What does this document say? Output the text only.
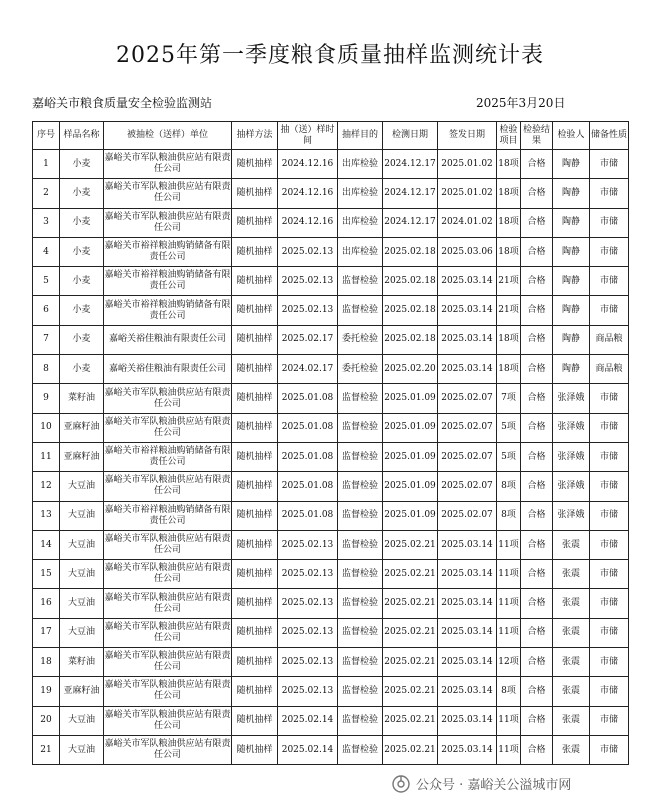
2025年第一季度粮食质量抽样监测统计表
嘉峪关市粮食质量安全检验监测站	2025年3月20日
序号	样品名称	被抽检（送样）单位	抽样方法	抽（送）样时间	抽样目的	检测日期	签发日期	检验项目	检验结果	检验人	储备性质
1	小麦	嘉峪关市军队粮油供应站有限责任公司	随机抽样	2024.12.16	出库检验	2024.12.17	2025.01.02	18项	合格	陶静	市储
2	小麦	嘉峪关市军队粮油供应站有限责任公司	随机抽样	2024.12.16	出库检验	2024.12.17	2025.01.02	18项	合格	陶静	市储
3	小麦	嘉峪关市军队粮油供应站有限责任公司	随机抽样	2024.12.16	出库检验	2024.12.17	2024.01.02	18项	合格	陶静	市储
4	小麦	嘉峪关市裕祥粮油购销储备有限责任公司	随机抽样	2025.02.13	出库检验	2025.02.18	2025.03.06	18项	合格	陶静	市储
5	小麦	嘉峪关市裕祥粮油购销储备有限责任公司	随机抽样	2025.02.13	监督检验	2025.02.18	2025.03.14	21项	合格	陶静	市储
6	小麦	嘉峪关市裕祥粮油购销储备有限责任公司	随机抽样	2025.02.13	监督检验	2025.02.18	2025.03.14	21项	合格	陶静	市储
7	小麦	嘉峪关裕佳粮油有限责任公司	随机抽样	2025.02.17	委托检验	2025.02.18	2025.03.14	18项	合格	陶静	商品粮
8	小麦	嘉峪关裕佳粮油有限责任公司	随机抽样	2024.02.17	委托检验	2025.02.20	2025.03.14	18项	合格	陶静	商品粮
9	菜籽油	嘉峪关市军队粮油供应站有限责任公司	随机抽样	2025.01.08	监督检验	2025.01.09	2025.02.07	7项	合格	张泽娥	市储
10	亚麻籽油	嘉峪关市军队粮油供应站有限责任公司	随机抽样	2025.01.08	监督检验	2025.01.09	2025.02.07	5项	合格	张泽娥	市储
11	亚麻籽油	嘉峪关市裕祥粮油购销储备有限责任公司	随机抽样	2025.01.08	监督检验	2025.01.09	2025.02.07	5项	合格	张泽娥	市储
12	大豆油	嘉峪关市军队粮油供应站有限责任公司	随机抽样	2025.01.08	监督检验	2025.01.09	2025.02.07	8项	合格	张泽娥	市储
13	大豆油	嘉峪关市裕祥粮油购销储备有限责任公司	随机抽样	2025.01.08	监督检验	2025.01.09	2025.02.07	8项	合格	张泽娥	市储
14	大豆油	嘉峪关市军队粮油供应站有限责任公司	随机抽样	2025.02.13	监督检验	2025.02.21	2025.03.14	11项	合格	张震	市储
15	大豆油	嘉峪关市军队粮油供应站有限责任公司	随机抽样	2025.02.13	监督检验	2025.02.21	2025.03.14	11项	合格	张震	市储
16	大豆油	嘉峪关市军队粮油供应站有限责任公司	随机抽样	2025.02.13	监督检验	2025.02.21	2025.03.14	11项	合格	张震	市储
17	大豆油	嘉峪关市军队粮油供应站有限责任公司	随机抽样	2025.02.13	监督检验	2025.02.21	2025.03.14	11项	合格	张震	市储
18	菜籽油	嘉峪关市军队粮油供应站有限责任公司	随机抽样	2025.02.13	监督检验	2025.02.21	2025.03.14	12项	合格	张震	市储
19	亚麻籽油	嘉峪关市军队粮油供应站有限责任公司	随机抽样	2025.02.13	监督检验	2025.02.21	2025.03.14	8项	合格	张震	市储
20	大豆油	嘉峪关市军队粮油供应站有限责任公司	随机抽样	2025.02.14	监督检验	2025.02.21	2025.03.14	11项	合格	张震	市储
21	大豆油	嘉峪关市军队粮油供应站有限责任公司	随机抽样	2025.02.14	监督检验	2025.02.21	2025.03.14	11项	合格	张震	市储
公众号 · 嘉峪关公溢城市网
